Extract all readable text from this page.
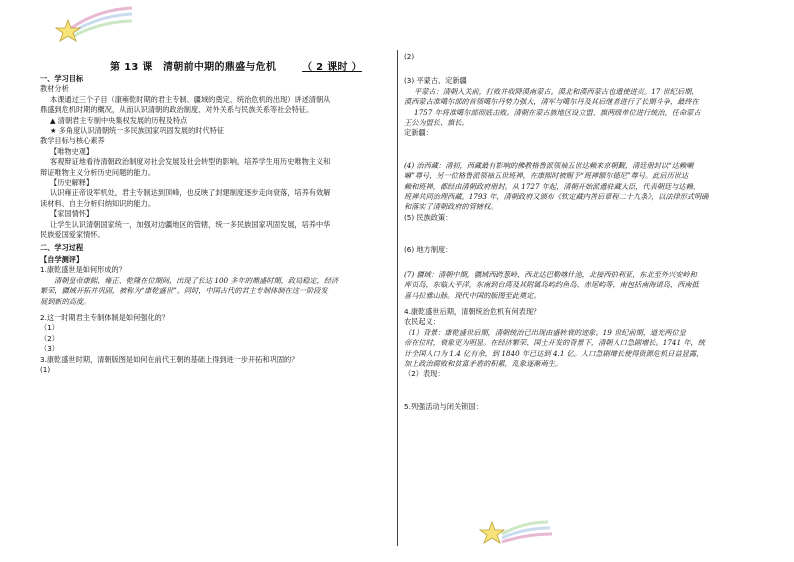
第 13 课　清朝前中期的鼎盛与危机	（ 2 课时 ）
一、学习目标
教材分析
本课通过三个子目（康雍乾时期的君主专制、疆域的奠定、统治危机的出现）讲述清朝从
鼎盛到危机时期的概况，从而认识清朝的政治制度、对外关系与民族关系等社会特征。
▲ 清朝君主专制中央集权发展的历程及特点
★ 多角度认识清朝统一多民族国家巩固发展的时代特征
教学目标与核心素养
【唯物史观】
客观辩证地看待清朝政治制度对社会发展及社会转型的影响，培养学生用历史唯物主义和
辩证唯物主义分析历史问题的能力。
【历史解释】
认识雍正帝设军机处，君主专制达到顶峰，也反映了封建制度逐步走向衰落，培养有效解
读材料、自主分析归纳知识的能力。
【家国情怀】
让学生认识清朝国家统一，加强对边疆地区的管辖，统一多民族国家巩固发展，培养中华
民族爱国爱家情怀。
二、学习过程
【自学测评】
1.康乾盛世是如何形成的？
清朝皇帝康熙、雍正、乾隆在位期间，出现了长达 100 多年的鼎盛时期，政局稳定，经济
繁荣，疆域开拓并巩固，被称为“康乾盛世”。同时，中国古代的君主专制体制在这一阶段发
展到新的高度。
2.这一时期君主专制体制是如何强化的？
（1）
（2）
（3）
3.康乾盛世时期，清朝版图是如何在前代王朝的基础上得到进一步开拓和巩固的？
(1)
(2)
(3) 平蒙古、定新疆
平蒙古：清朝入关前，打败并收降漠南蒙古。漠北和漠西蒙古也遣使进贡。17 世纪后期，
漠西蒙古准噶尔部的首领噶尔丹势力强大，清军与噶尔丹及其后继者进行了长期斗争，最终在
1757 年将准噶尔部彻底击败。清朝在蒙古族地区设立盟、旗两级单位进行统治，任命蒙古
王公为盟长、旗长。
定新疆：
(4) 治西藏：清初，西藏最有影响的佛教格鲁派领袖五世达赖来京朝觐，清廷册封以“达赖喇
嘛”尊号，另一位格鲁派领袖五世班禅，在康熙时被赐予“班禅额尔德尼”尊号。此后历世达
赖和班禅，都经由清朝政府册封。从 1727 年起，清朝开始派遣驻藏大臣，代表朝廷与达赖、
班禅共同治理西藏。1793 年，清朝政府又颁布《钦定藏内善后章程二十九条》，以法律形式明确
和落实了清朝政府的管辖权。
(5) 民族政策：
(6) 地方制度：
(7) 疆域：清朝中期，疆域西跨葱岭，西北达巴勒喀什池，北接西伯利亚，东北至外兴安岭和
库页岛，东临大平洋，东南到台湾及其附属岛屿约鱼岛、赤尾屿等，南包括南海诸岛，西南抵
喜马拉雅山脉。现代中国的版图至此奠定。
4.康乾盛世后期，清朝统治危机有何表现？
农民起义：
（1）背景：康乾盛世后期，清朝统治已出现由盛转衰的迹象。19 世纪前期，道光两位皇
帝在位时，衰象更为明显。在经济繁荣、国土开发的背景下，清朝人口急剧增长。1741 年，统
计全国人口为 1.4 亿有余，到 1840 年已达到 4.1 亿。人口急剧增长使得资源危机日益显露，
加上政治腐败和贫富矛盾的积累，乱象逐渐萌生。
（2）表现：
5.列强活动与闭关锁国：
